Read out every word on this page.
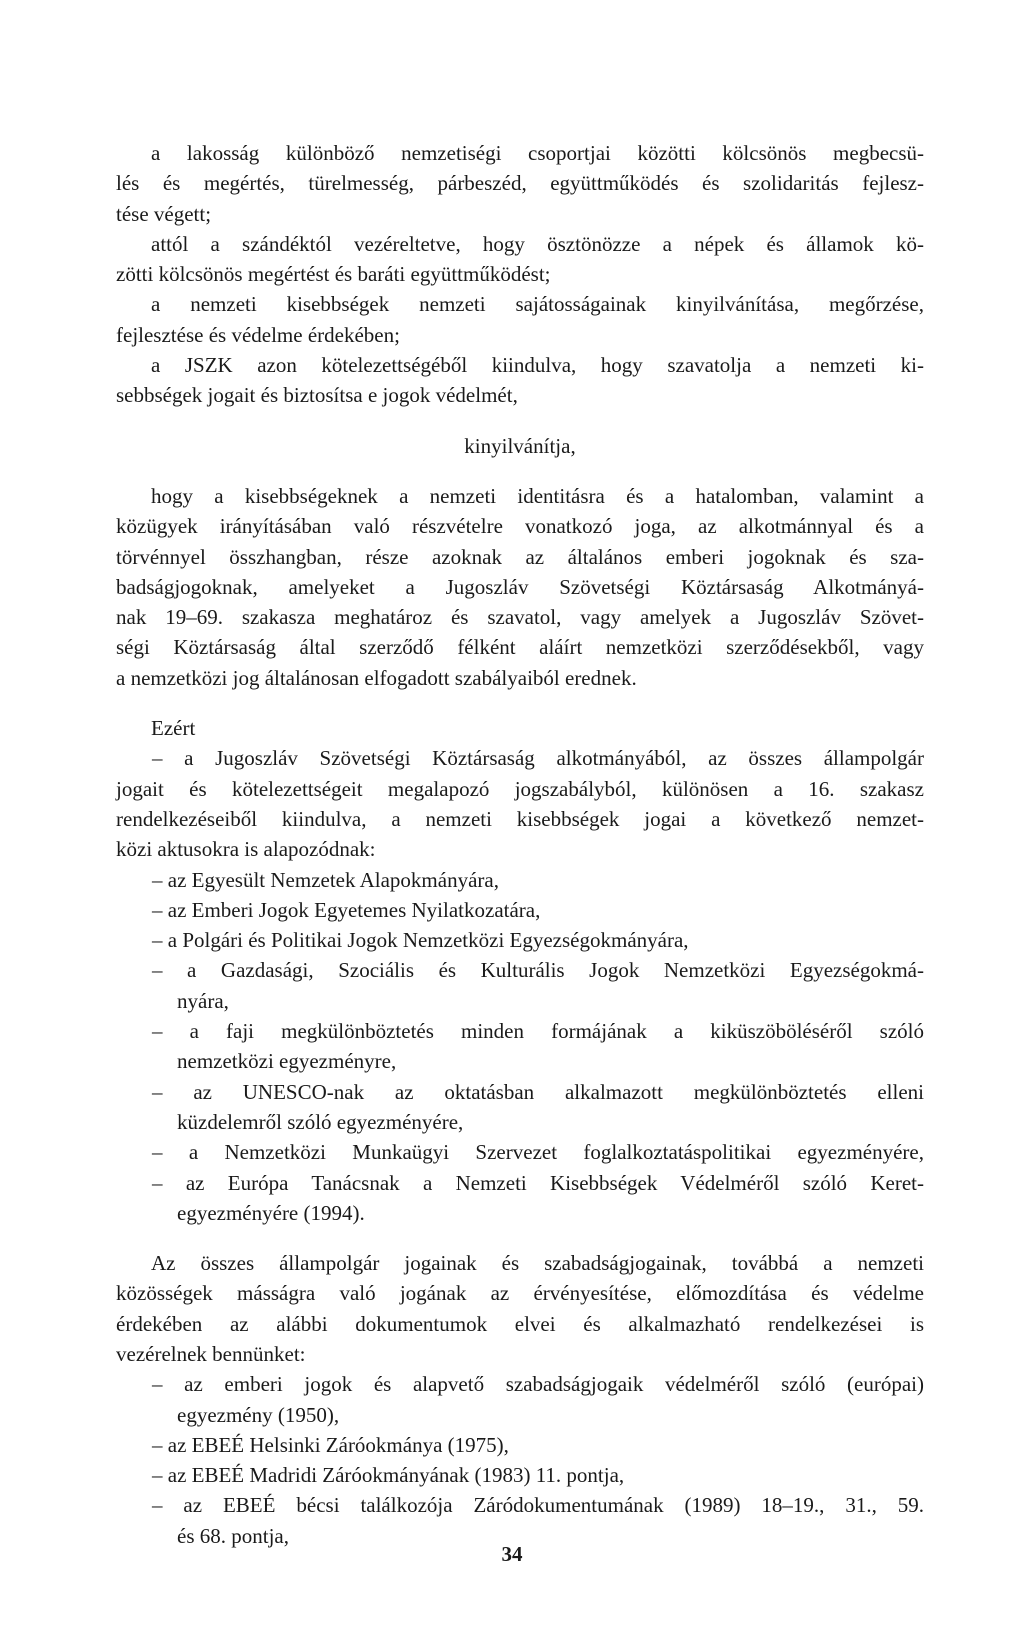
a lakosság különböző nemzetiségi csoportjai közötti kölcsönös megbecsü-
lés és megértés, türelmesség, párbeszéd, együttműködés és szolidaritás fejlesz-
tése végett;
attól a szándéktól vezéreltetve, hogy ösztönözze a népek és államok kö-
zötti kölcsönös megértést és baráti együttműködést;
a nemzeti kisebbségek nemzeti sajátosságainak kinyilvánítása, megőrzése,
fejlesztése és védelme érdekében;
a JSZK azon kötelezettségéből kiindulva, hogy szavatolja a nemzeti ki-
sebbségek jogait és biztosítsa e jogok védelmét,
kinyilvánítja,
hogy a kisebbségeknek a nemzeti identitásra és a hatalomban, valamint a
közügyek irányításában való részvételre vonatkozó joga, az alkotmánnyal és a
törvénnyel összhangban, része azoknak az általános emberi jogoknak és sza-
badságjogoknak, amelyeket a Jugoszláv Szövetségi Köztársaság Alkotmányá-
nak 19–69. szakasza meghatároz és szavatol, vagy amelyek a Jugoszláv Szövet-
ségi Köztársaság által szerződő félként aláírt nemzetközi szerződésekből, vagy
a nemzetközi jog általánosan elfogadott szabályaiból erednek.
Ezért
– a Jugoszláv Szövetségi Köztársaság alkotmányából, az összes állampolgár
jogait és kötelezettségeit megalapozó jogszabályból, különösen a 16. szakasz
rendelkezéseiből kiindulva, a nemzeti kisebbségek jogai a következő nemzet-
közi aktusokra is alapozódnak:
– az Egyesült Nemzetek Alapokmányára,
– az Emberi Jogok Egyetemes Nyilatkozatára,
– a Polgári és Politikai Jogok Nemzetközi Egyezségokmányára,
– a Gazdasági, Szociális és Kulturális Jogok Nemzetközi Egyezségokmá-
nyára,
– a faji megkülönböztetés minden formájának a kiküszöböléséről szóló
nemzetközi egyezményre,
– az UNESCO-nak az oktatásban alkalmazott megkülönböztetés elleni
küzdelemről szóló egyezményére,
– a Nemzetközi Munkaügyi Szervezet foglalkoztatáspolitikai egyezményére,
– az Európa Tanácsnak a Nemzeti Kisebbségek Védelméről szóló Keret-
egyezményére (1994).
Az összes állampolgár jogainak és szabadságjogainak, továbbá a nemzeti
közösségek másságra való jogának az érvényesítése, előmozdítása és védelme
érdekében az alábbi dokumentumok elvei és alkalmazható rendelkezései is
vezérelnek bennünket:
– az emberi jogok és alapvető szabadságjogaik védelméről szóló (európai)
egyezmény (1950),
– az EBEÉ Helsinki Záróokmánya (1975),
– az EBEÉ Madridi Záróokmányának (1983) 11. pontja,
– az EBEÉ bécsi találkozója Záródokumentumának (1989) 18–19., 31., 59.
és 68. pontja,
34
